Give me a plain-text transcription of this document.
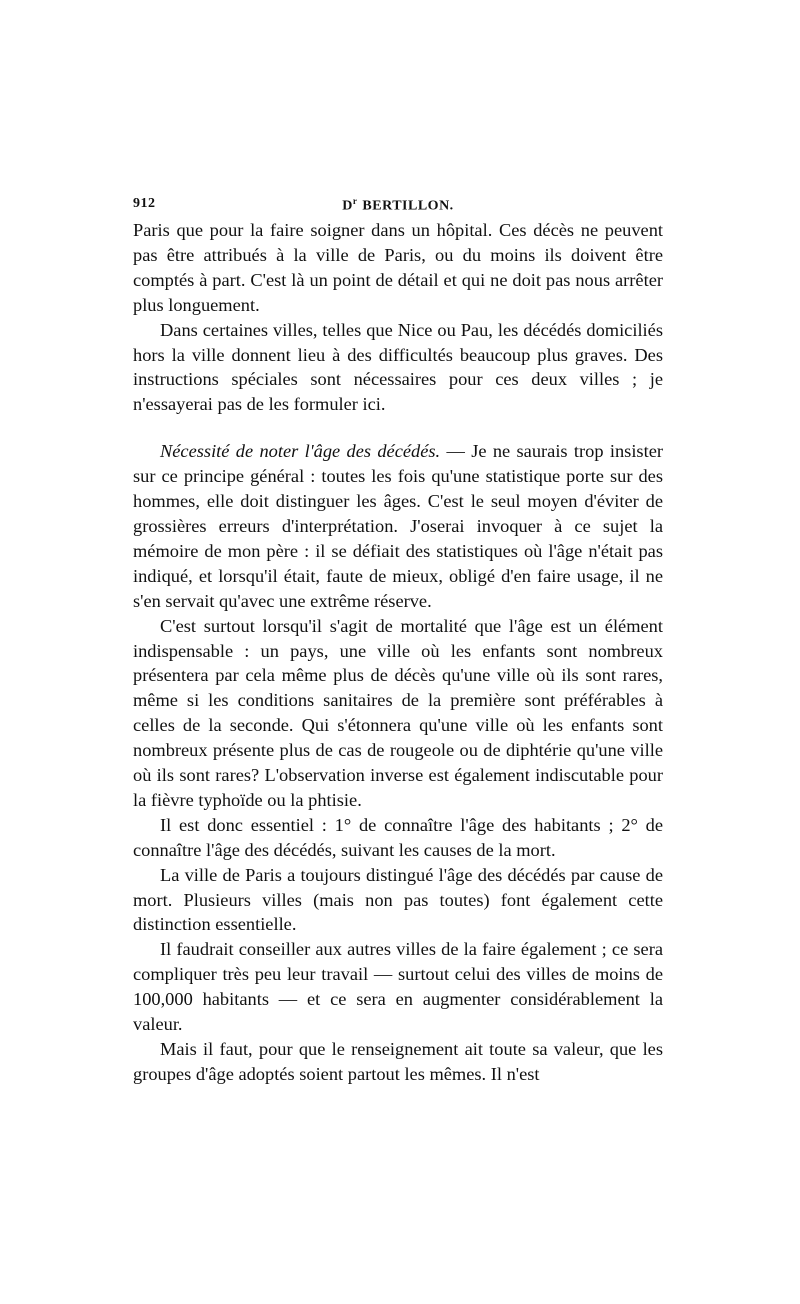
912	$D^r$ BERTILLON.

Paris que pour la faire soigner dans un hôpital. Ces décès ne peuvent pas être attribués à la ville de Paris, ou du moins ils doivent être comptés à part. C'est là un point de détail et qui ne doit pas nous arrêter plus longuement.

Dans certaines villes, telles que Nice ou Pau, les décédés domiciliés hors la ville donnent lieu à des difficultés beaucoup plus graves. Des instructions spéciales sont nécessaires pour ces deux villes ; je n'essayerai pas de les formuler ici.

Nécessité de noter l'âge des décédés. — Je ne saurais trop insister sur ce principe général : toutes les fois qu'une statistique porte sur des hommes, elle doit distinguer les âges. C'est le seul moyen d'éviter de grossières erreurs d'interprétation. J'oserai invoquer à ce sujet la mémoire de mon père : il se défiait des statistiques où l'âge n'était pas indiqué, et lorsqu'il était, faute de mieux, obligé d'en faire usage, il ne s'en servait qu'avec une extrême réserve.

C'est surtout lorsqu'il s'agit de mortalité que l'âge est un élément indispensable : un pays, une ville où les enfants sont nombreux présentera par cela même plus de décès qu'une ville où ils sont rares, même si les conditions sanitaires de la première sont préférables à celles de la seconde. Qui s'étonnera qu'une ville où les enfants sont nombreux présente plus de cas de rougeole ou de diphtérie qu'une ville où ils sont rares? L'observation inverse est également indiscutable pour la fièvre typhoïde ou la phtisie.

Il est donc essentiel : 1° de connaître l'âge des habitants ; 2° de connaître l'âge des décédés, suivant les causes de la mort.

La ville de Paris a toujours distingué l'âge des décédés par cause de mort. Plusieurs villes (mais non pas toutes) font également cette distinction essentielle.

Il faudrait conseiller aux autres villes de la faire également ; ce sera compliquer très peu leur travail — surtout celui des villes de moins de 100,000 habitants — et ce sera en augmenter considérablement la valeur.

Mais il faut, pour que le renseignement ait toute sa valeur, que les groupes d'âge adoptés soient partout les mêmes. Il n'est
